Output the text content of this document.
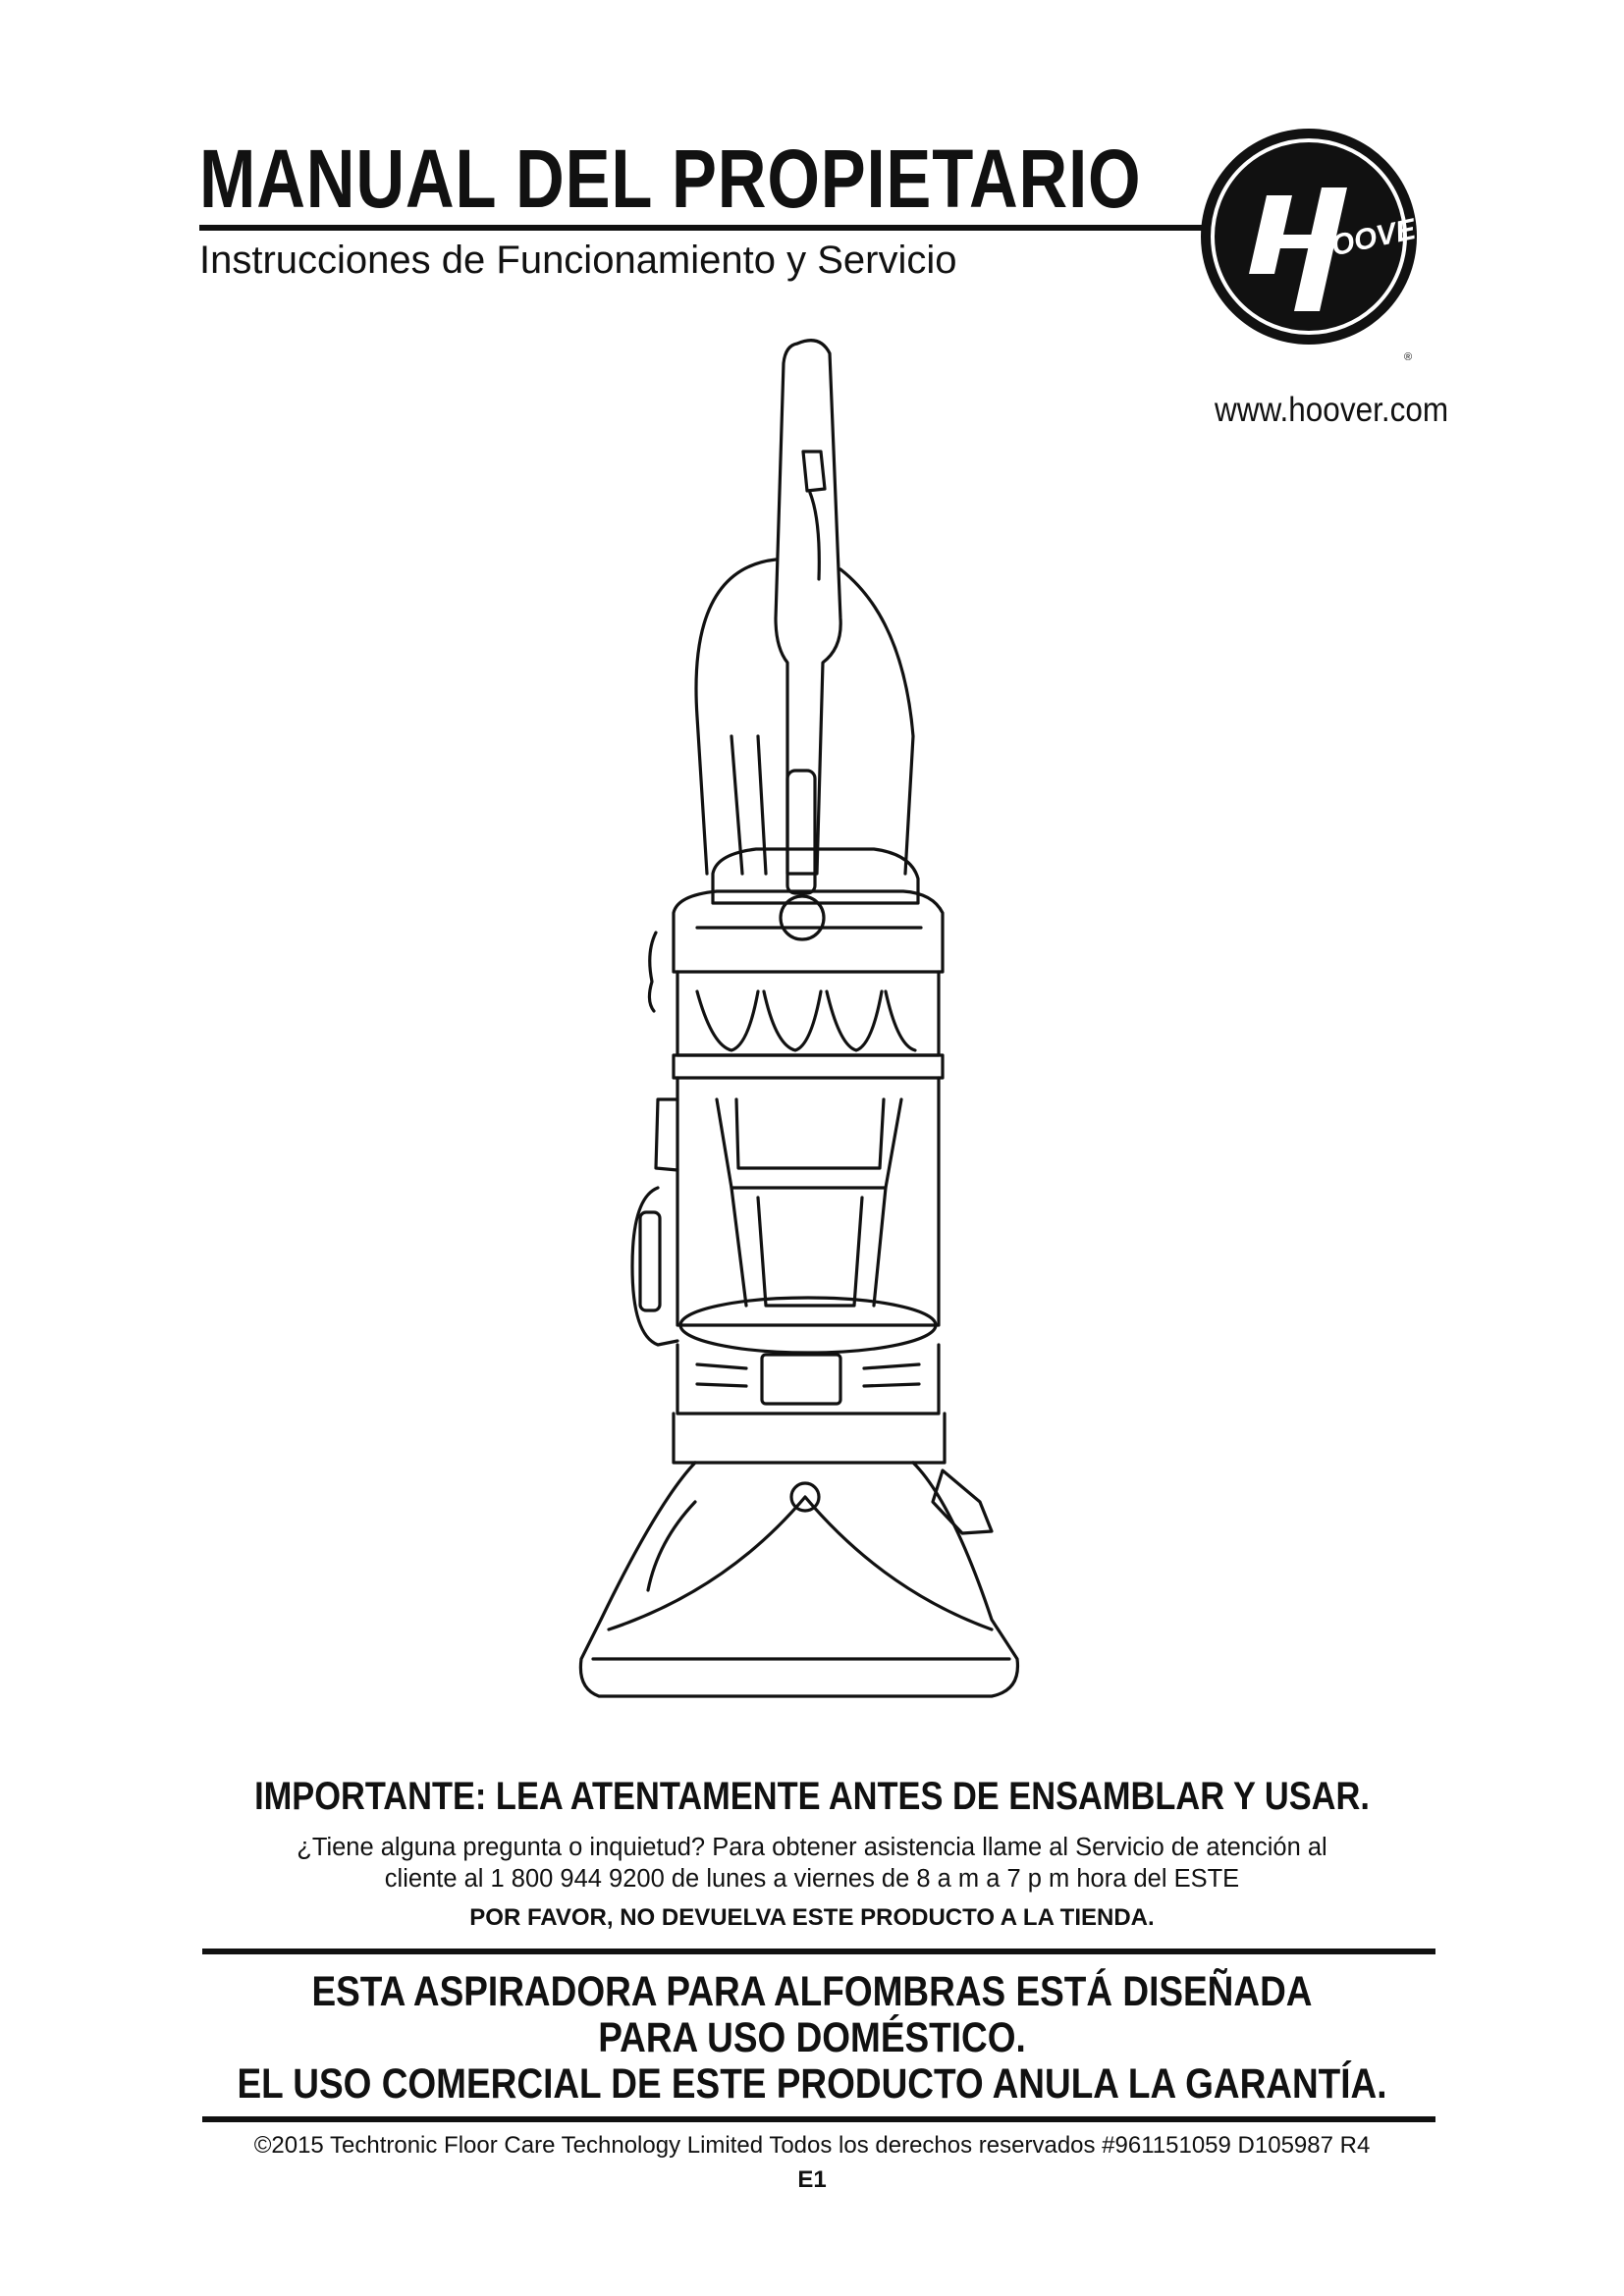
MANUAL DEL PROPIETARIO
Instrucciones de Funcionamiento y Servicio	OOVER
®
www.hoover.com
IMPORTANTE: LEA ATENTAMENTE ANTES DE ENSAMBLAR Y USAR.
¿Tiene alguna pregunta o inquietud? Para obtener asistencia llame al Servicio de atención al
cliente al 1 800 944 9200 de lunes a viernes de 8 a m a 7 p m hora del ESTE
POR FAVOR, NO DEVUELVA ESTE PRODUCTO A LA TIENDA.
ESTA ASPIRADORA PARA ALFOMBRAS ESTÁ DISEÑADA
PARA USO DOMÉSTICO.
EL USO COMERCIAL DE ESTE PRODUCTO ANULA LA GARANTÍA.
©2015 Techtronic Floor Care Technology Limited Todos los derechos reservados #961151059 D105987 R4
E1
